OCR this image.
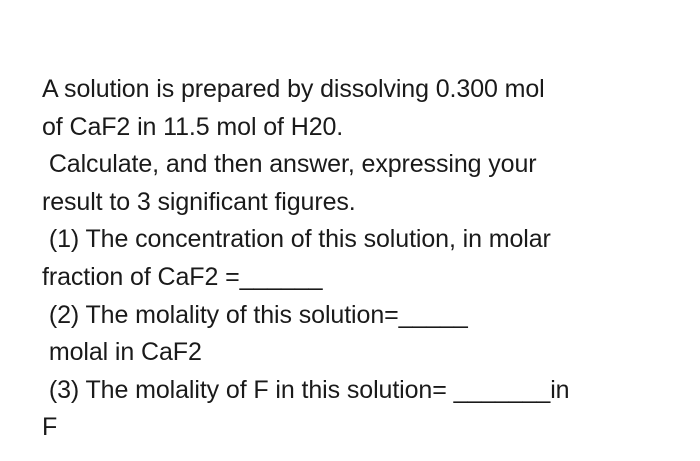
A solution is prepared by dissolving 0.300 mol
of CaF2 in 11.5 mol of H20.
Calculate, and then answer, expressing your
result to 3 significant figures.
(1) The concentration of this solution, in molar
fraction of CaF2 =______
(2) The molality of this solution=_____
molal in CaF2
(3) The molality of F in this solution= _______in
F
